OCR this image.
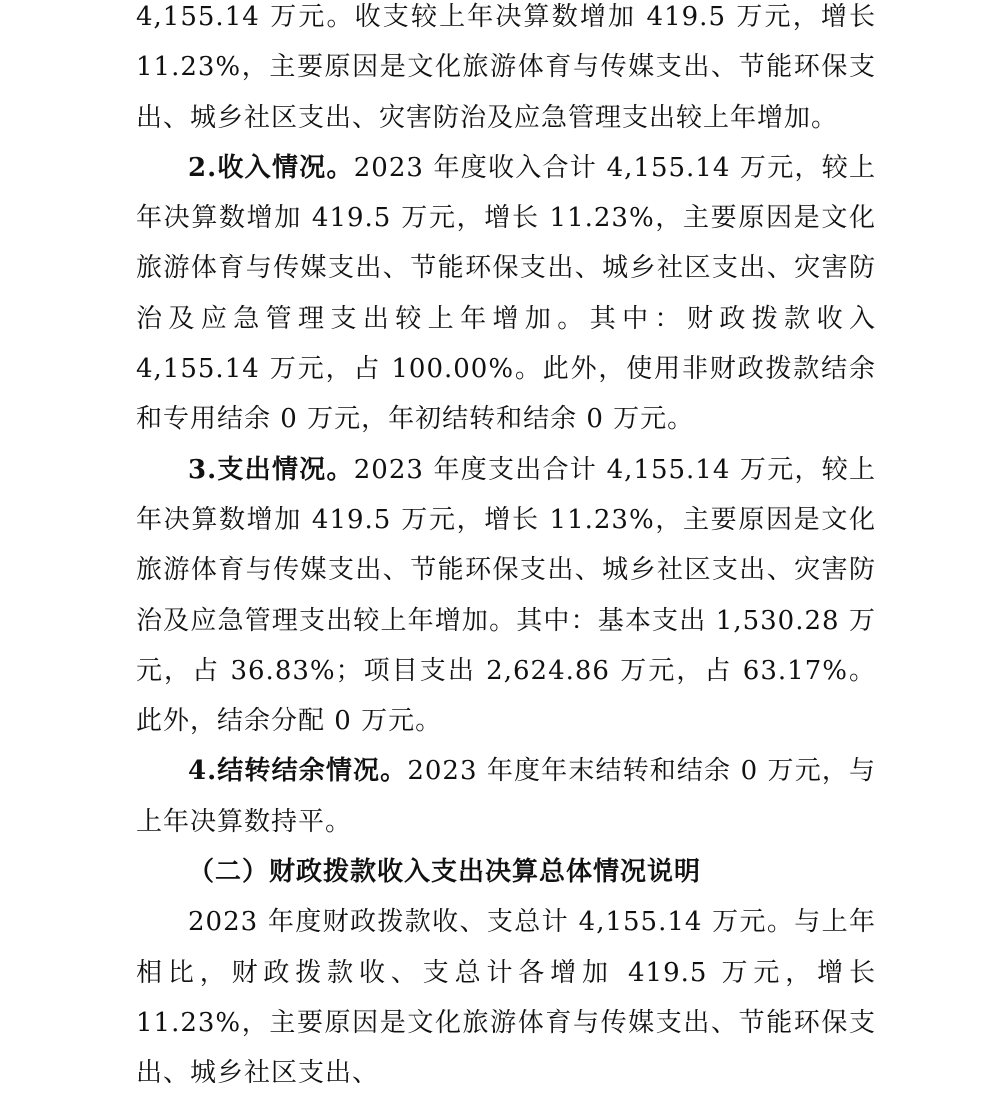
4,155.14 万元。收支较上年决算数增加 419.5 万元，增长 11.23%，主要原因是文化旅游体育与传媒支出、节能环保支出、城乡社区支出、灾害防治及应急管理支出较上年增加。

2.收入情况。2023 年度收入合计 4,155.14 万元，较上年决算数增加 419.5 万元，增长 11.23%，主要原因是文化旅游体育与传媒支出、节能环保支出、城乡社区支出、灾害防治及应急管理支出较上年增加。其中：财政拨款收入 4,155.14 万元，占 100.00%。此外，使用非财政拨款结余和专用结余 0 万元，年初结转和结余 0 万元。

3.支出情况。2023 年度支出合计 4,155.14 万元，较上年决算数增加 419.5 万元，增长 11.23%，主要原因是文化旅游体育与传媒支出、节能环保支出、城乡社区支出、灾害防治及应急管理支出较上年增加。其中：基本支出 1,530.28 万元，占 36.83%；项目支出 2,624.86 万元，占 63.17%。此外，结余分配 0 万元。

4.结转结余情况。2023 年度年末结转和结余 0 万元，与上年决算数持平。

（二）财政拨款收入支出决算总体情况说明

2023 年度财政拨款收、支总计 4,155.14 万元。与上年相比，财政拨款收、支总计各增加 419.5 万元，增长 11.23%，主要原因是文化旅游体育与传媒支出、节能环保支出、城乡社区支出、
